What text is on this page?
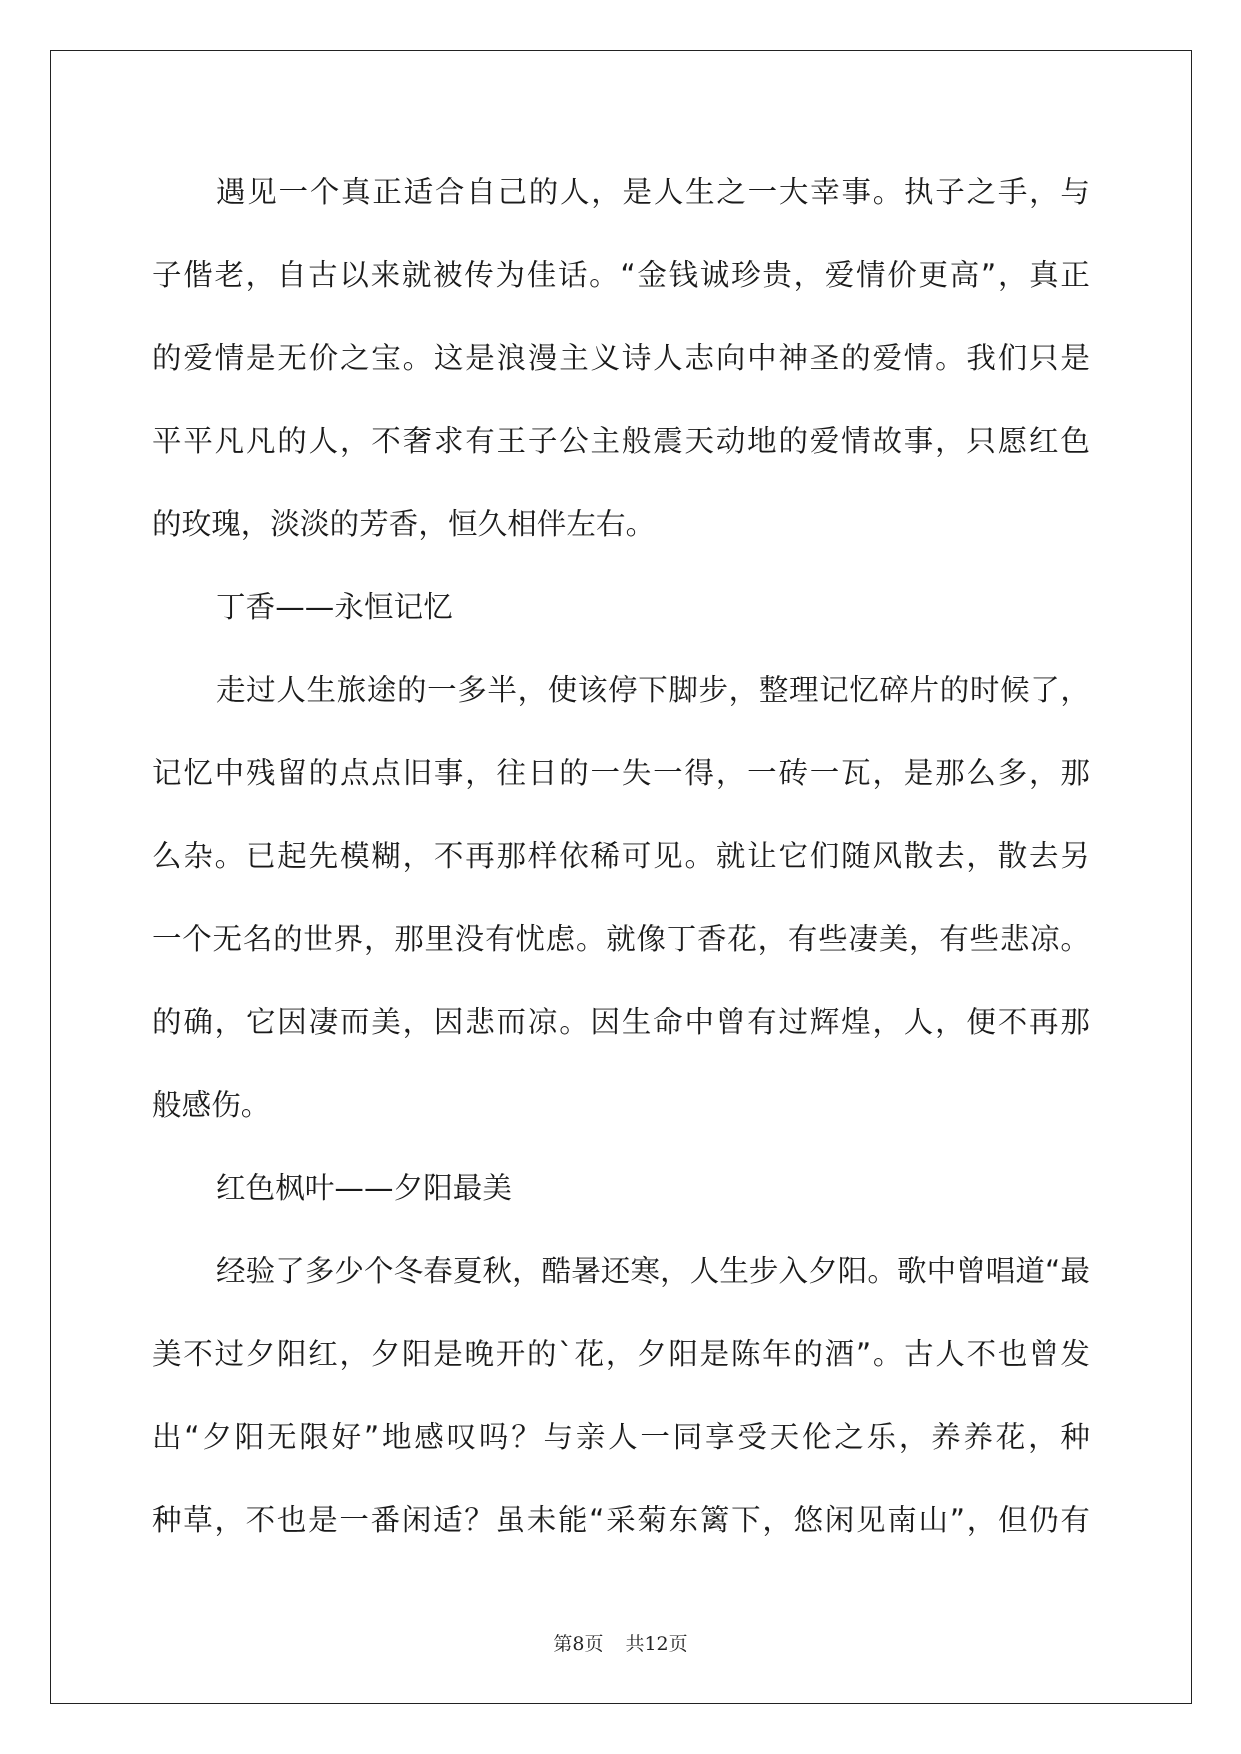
遇见一个真正适合自己的人，是人生之一大幸事。执子之手，与
子偕老，自古以来就被传为佳话。“金钱诚珍贵，爱情价更高”，真正
的爱情是无价之宝。这是浪漫主义诗人志向中神圣的爱情。我们只是
平平凡凡的人，不奢求有王子公主般震天动地的爱情故事，只愿红色
的玫瑰，淡淡的芳香，恒久相伴左右。
丁香——永恒记忆
走过人生旅途的一多半，使该停下脚步，整理记忆碎片的时候了，
记忆中残留的点点旧事，往日的一失一得，一砖一瓦，是那么多，那
么杂。已起先模糊，不再那样依稀可见。就让它们随风散去，散去另
一个无名的世界，那里没有忧虑。就像丁香花，有些凄美，有些悲凉。
的确，它因凄而美，因悲而凉。因生命中曾有过辉煌，人，便不再那
般感伤。
红色枫叶——夕阳最美
经验了多少个冬春夏秋，酷暑还寒，人生步入夕阳。歌中曾唱道“最
美不过夕阳红，夕阳是晚开的`花，夕阳是陈年的酒”。古人不也曾发
出“夕阳无限好”地感叹吗？与亲人一同享受天伦之乐，养养花，种
种草，不也是一番闲适？虽未能“采菊东篱下，悠闲见南山”，但仍有
第8页 共12页
